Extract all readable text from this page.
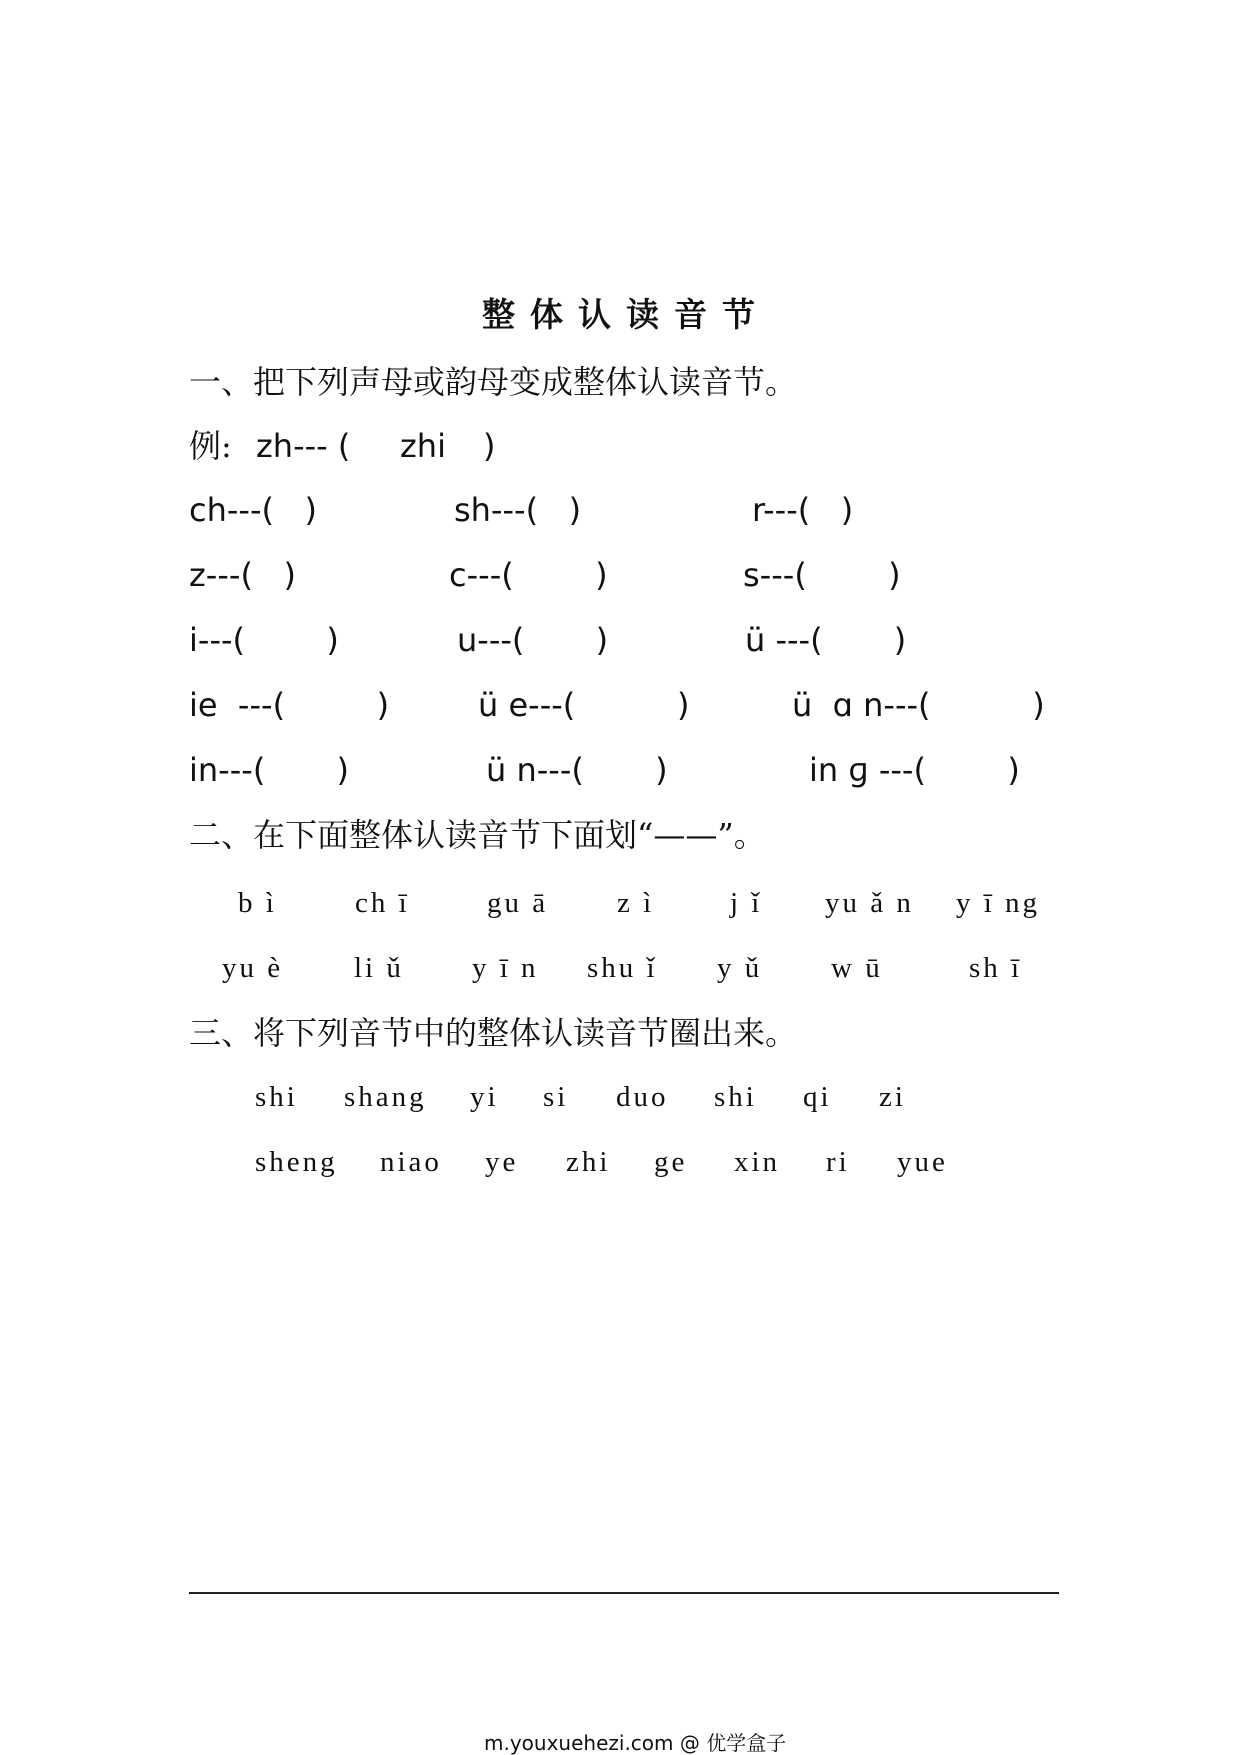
整体认读音节
一、把下列声母或韵母变成整体认读音节。
例: zh--- ( zhi )
ch---(   )	sh---(   )	r---(   )
z---(   )	c---(        )	s---(        )
i---(        )	u---(       )	ü ---(       )
ie  ---(         )	ü e---(          )	ü  ɑ n---(          )
in---(       )	ü n---(       )	in ɡ ---(        )
二、在下面整体认读音节下面划“——”。
b ì	ch ī	gu ā z ì	j ǐ yu ǎ n y ī ng
yu è li ǔ y ī n shu ǐ y ǔ w ū	sh ī
三、将下列音节中的整体认读音节圈出来。
shi shang yi si duo shi qi zi
sheng niao ye zhi ge xin ri yue
m.youxuehezi.com @ 优学盒子
